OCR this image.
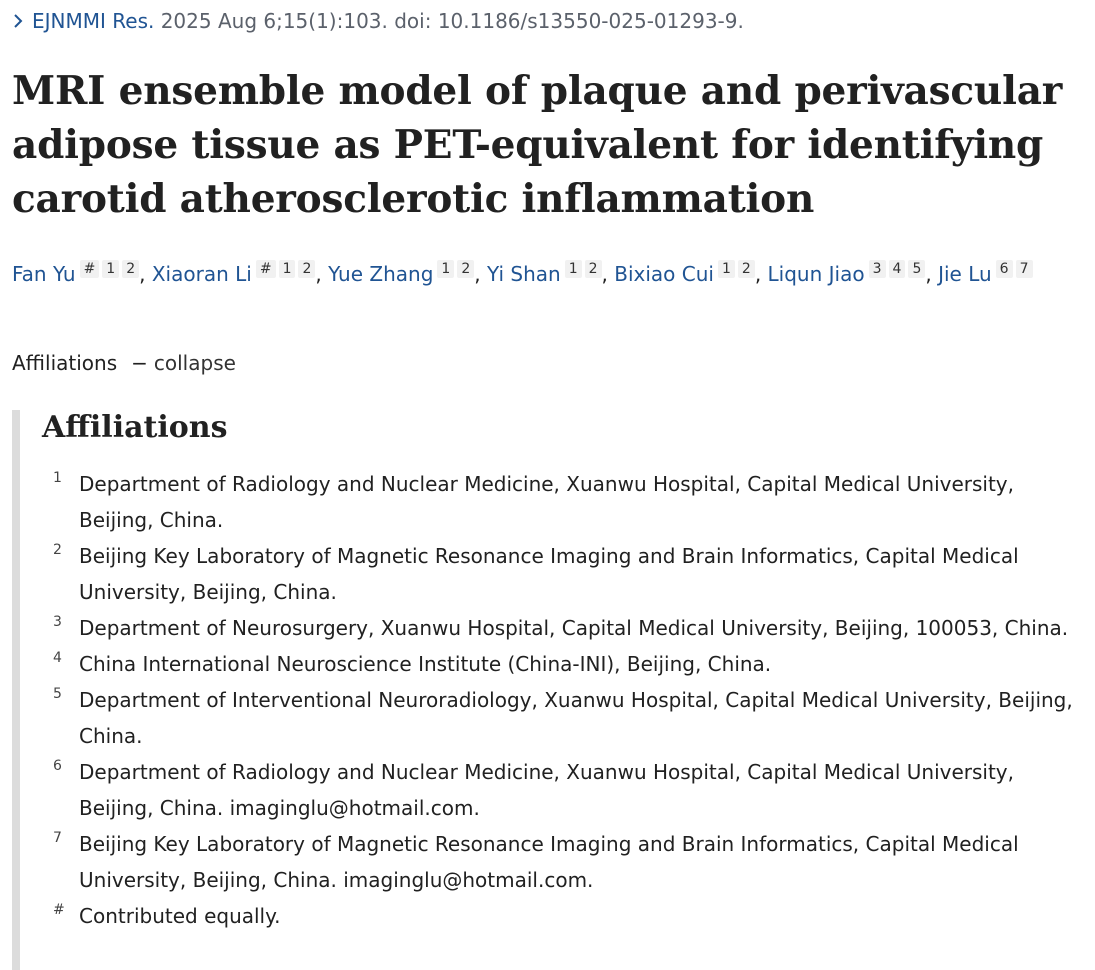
EJNMMI Res. 2025 Aug 6;15(1):103. doi: 10.1186/s13550-025-01293-9.
MRI ensemble model of plaque and perivascular adipose tissue as PET-equivalent for identifying carotid atherosclerotic inflammation
Fan Yu # 1 2 , Xiaoran Li # 1 2 , Yue Zhang 1 2 , Yi Shan 1 2 , Bixiao Cui 1 2 , Liqun Jiao 3 4 5 , Jie Lu 6 7
Affiliations − collapse
Affiliations
1 Department of Radiology and Nuclear Medicine, Xuanwu Hospital, Capital Medical University, Beijing, China.
2 Beijing Key Laboratory of Magnetic Resonance Imaging and Brain Informatics, Capital Medical University, Beijing, China.
3 Department of Neurosurgery, Xuanwu Hospital, Capital Medical University, Beijing, 100053, China.
4 China International Neuroscience Institute (China-INI), Beijing, China.
5 Department of Interventional Neuroradiology, Xuanwu Hospital, Capital Medical University, Beijing, China.
6 Department of Radiology and Nuclear Medicine, Xuanwu Hospital, Capital Medical University, Beijing, China. imaginglu@hotmail.com.
7 Beijing Key Laboratory of Magnetic Resonance Imaging and Brain Informatics, Capital Medical University, Beijing, China. imaginglu@hotmail.com.
# Contributed equally.
